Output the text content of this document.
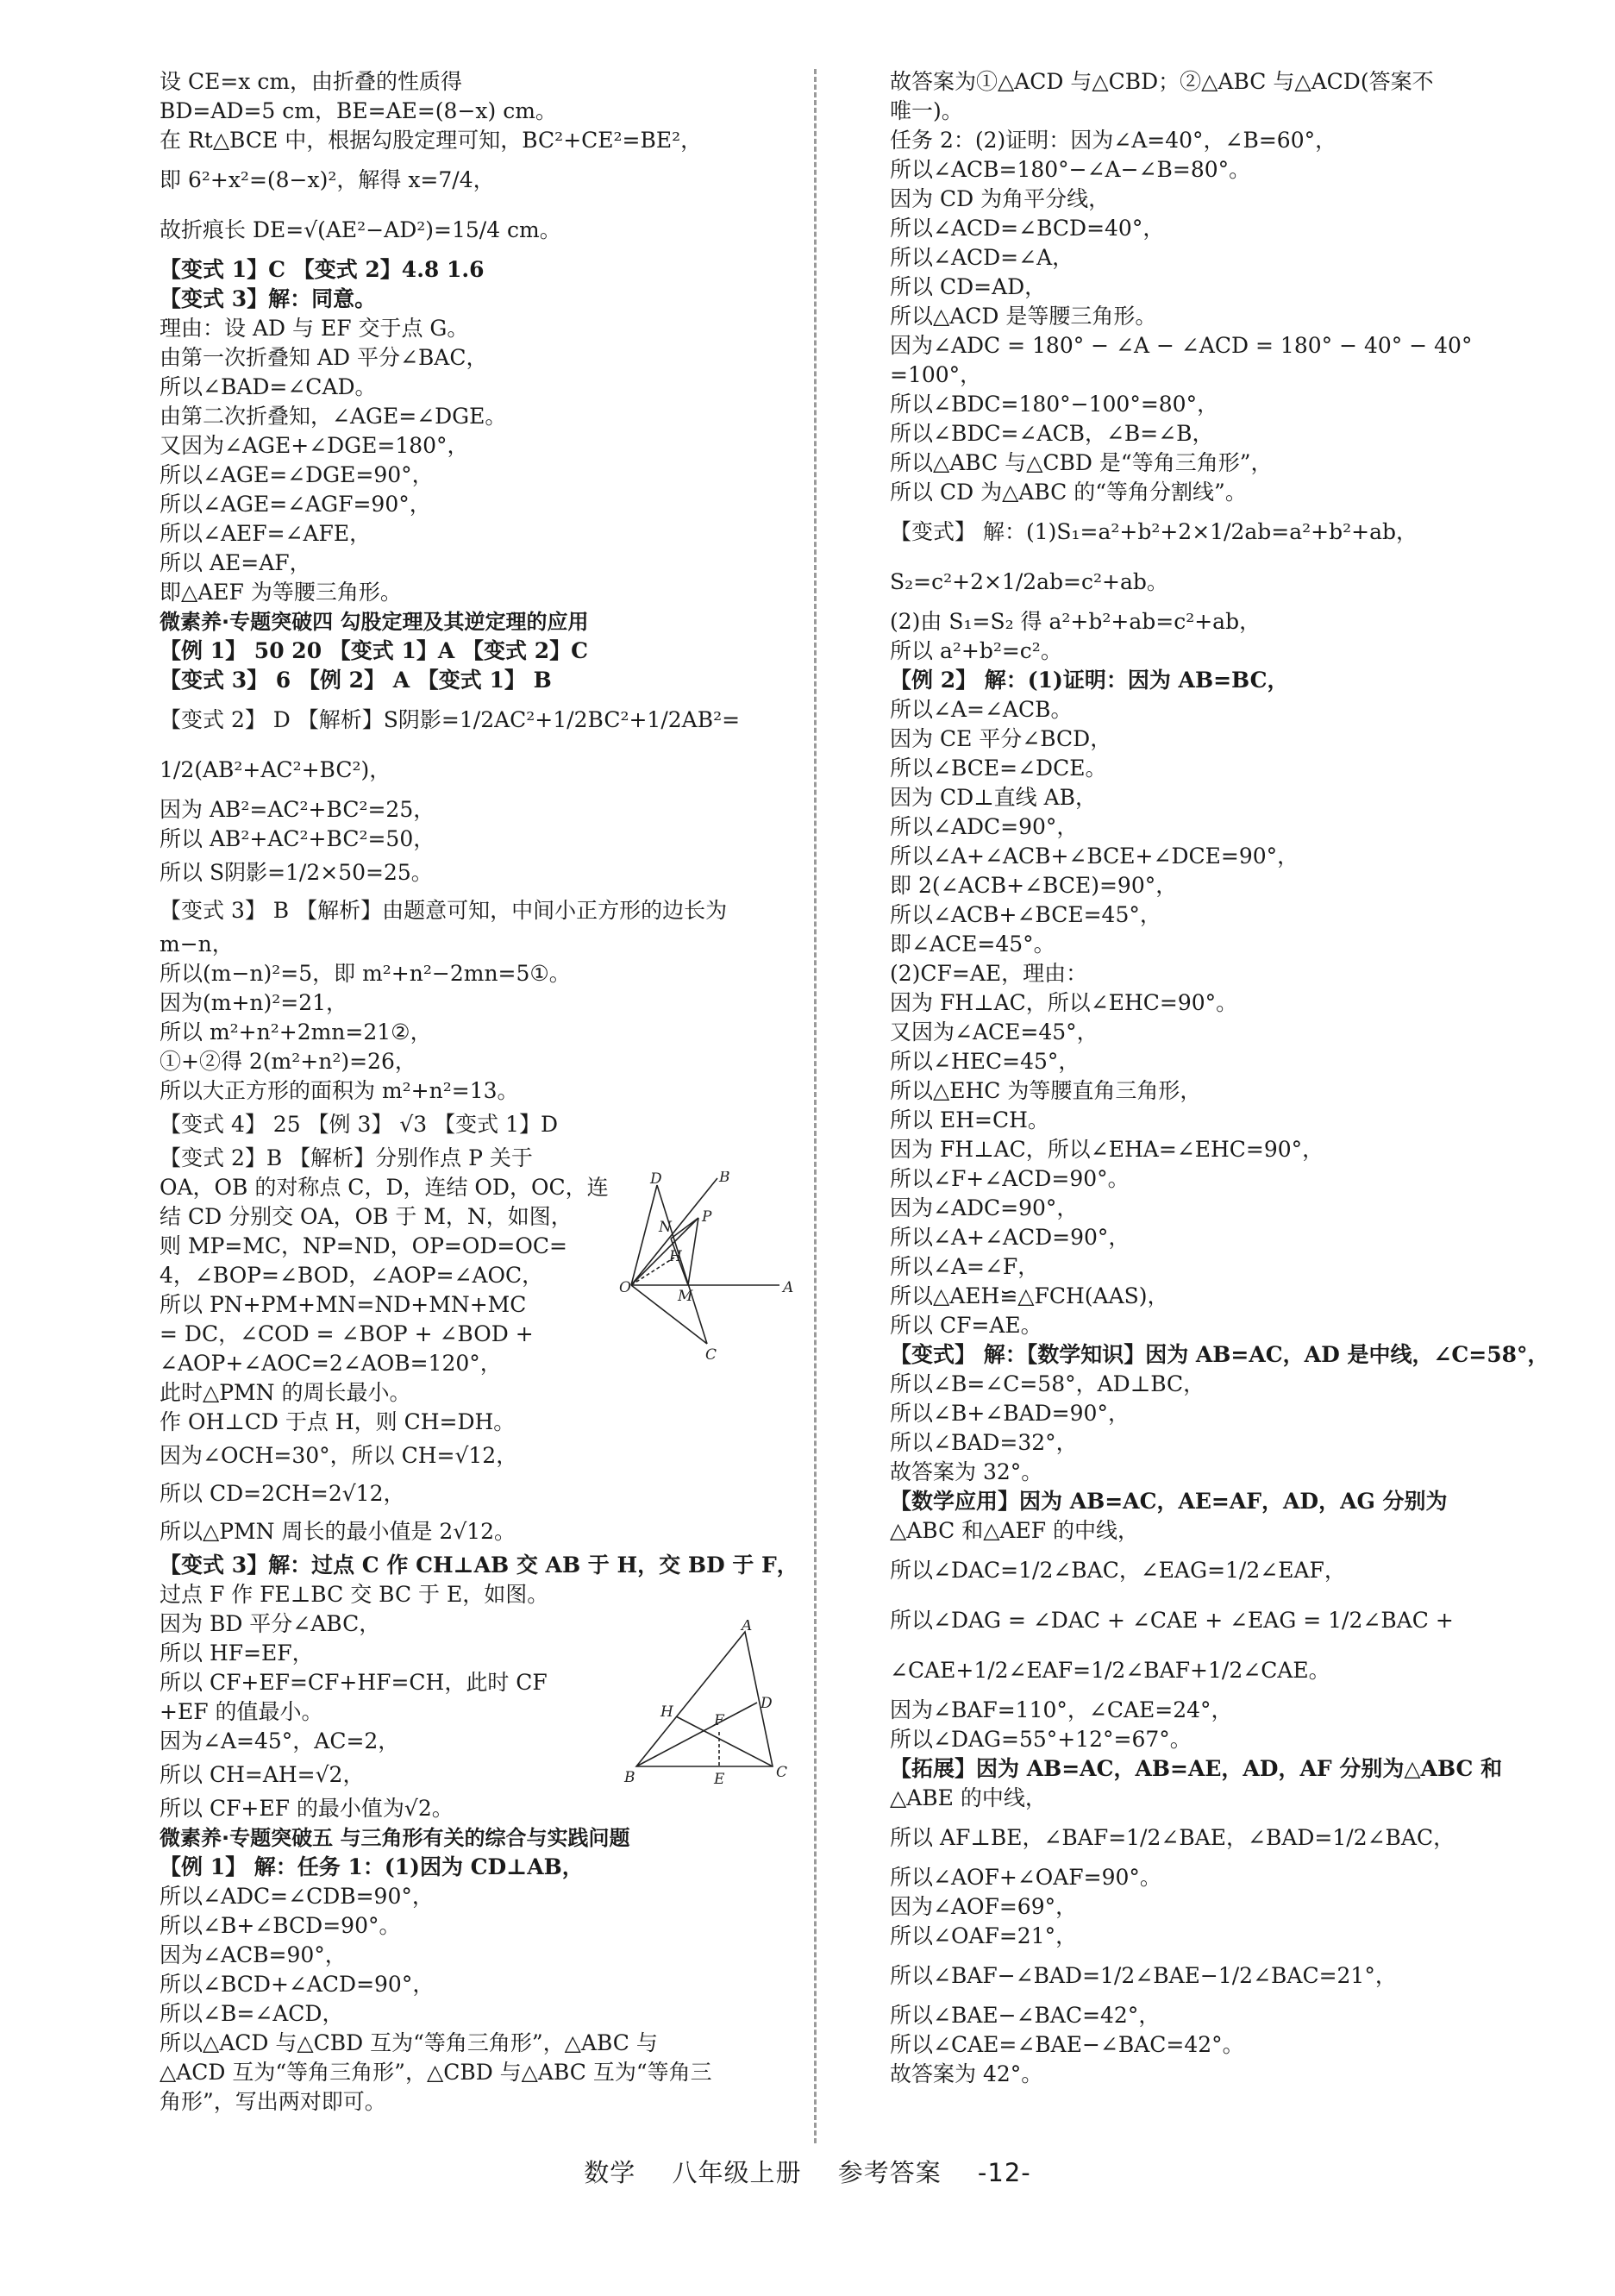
设 CE=x cm，由折叠的性质得
BD=AD=5 cm，BE=AE=(8−x) cm。
在 Rt△BCE 中，根据勾股定理可知，BC²+CE²=BE²，
即 6²+x²=(8−x)²，解得 x=7/4，
故折痕长 DE=√(AE²−AD²)=15/4 cm。
【变式 1】C 【变式 2】4.8 1.6
【变式 3】解：同意。
理由：设 AD 与 EF 交于点 G。
由第一次折叠知 AD 平分∠BAC，
所以∠BAD=∠CAD。
由第二次折叠知，∠AGE=∠DGE。
又因为∠AGE+∠DGE=180°，
所以∠AGE=∠DGE=90°，
所以∠AGE=∠AGF=90°，
所以∠AEF=∠AFE，
所以 AE=AF，
即△AEF 为等腰三角形。
微素养·专题突破四 勾股定理及其逆定理的应用
【例 1】 50 20 【变式 1】A 【变式 2】C
【变式 3】 6 【例 2】 A 【变式 1】 B
【变式 2】 D 【解析】S阴影=1/2AC²+1/2BC²+1/2AB²=
1/2(AB²+AC²+BC²)，
因为 AB²=AC²+BC²=25，
所以 AB²+AC²+BC²=50，
所以 S阴影=1/2×50=25。
【变式 3】 B 【解析】由题意可知，中间小正方形的边长为
m−n，
所以(m−n)²=5，即 m²+n²−2mn=5①。
因为(m+n)²=21，
所以 m²+n²+2mn=21②，
①+②得 2(m²+n²)=26，
所以大正方形的面积为 m²+n²=13。
【变式 4】 25 【例 3】 √3 【变式 1】D
【变式 2】B 【解析】分别作点 P 关于
OA，OB 的对称点 C，D，连结 OD，OC，连
结 CD 分别交 OA，OB 于 M，N，如图，
则 MP=MC，NP=ND，OP=OD=OC=
4，∠BOP=∠BOD，∠AOP=∠AOC，
所以 PN+PM+MN=ND+MN+MC
= DC，∠COD = ∠BOP + ∠BOD +
∠AOP+∠AOC=2∠AOB=120°，
此时△PMN 的周长最小。
作 OH⊥CD 于点 H，则 CH=DH。
因为∠OCH=30°，所以 CH=√12，
所以 CD=2CH=2√12，
所以△PMN 周长的最小值是 2√12。
【变式 3】解：过点 C 作 CH⊥AB 交 AB 于 H，交 BD 于 F，
过点 F 作 FE⊥BC 交 BC 于 E，如图。
因为 BD 平分∠ABC，
所以 HF=EF，
所以 CF+EF=CF+HF=CH，此时 CF
+EF 的值最小。
因为∠A=45°，AC=2，
所以 CH=AH=√2，
所以 CF+EF 的最小值为√2。
微素养·专题突破五 与三角形有关的综合与实践问题
【例 1】 解：任务 1：(1)因为 CD⊥AB，
所以∠ADC=∠CDB=90°，
所以∠B+∠BCD=90°。
因为∠ACB=90°，
所以∠BCD+∠ACD=90°，
所以∠B=∠ACD，
所以△ACD 与△CBD 互为“等角三角形”，△ABC 与
△ACD 互为“等角三角形”，△CBD 与△ABC 互为“等角三
角形”，写出两对即可。
故答案为①△ACD 与△CBD；②△ABC 与△ACD(答案不
唯一)。
任务 2：(2)证明：因为∠A=40°，∠B=60°，
所以∠ACB=180°−∠A−∠B=80°。
因为 CD 为角平分线，
所以∠ACD=∠BCD=40°，
所以∠ACD=∠A，
所以 CD=AD，
所以△ACD 是等腰三角形。
因为∠ADC = 180° − ∠A − ∠ACD = 180° − 40° − 40°
=100°，
所以∠BDC=180°−100°=80°，
所以∠BDC=∠ACB，∠B=∠B，
所以△ABC 与△CBD 是“等角三角形”，
所以 CD 为△ABC 的“等角分割线”。
【变式】 解：(1)S₁=a²+b²+2×1/2ab=a²+b²+ab，
S₂=c²+2×1/2ab=c²+ab。
(2)由 S₁=S₂ 得 a²+b²+ab=c²+ab，
所以 a²+b²=c²。
【例 2】 解：(1)证明：因为 AB=BC，
所以∠A=∠ACB。
因为 CE 平分∠BCD，
所以∠BCE=∠DCE。
因为 CD⊥直线 AB，
所以∠ADC=90°，
所以∠A+∠ACB+∠BCE+∠DCE=90°，
即 2(∠ACB+∠BCE)=90°，
所以∠ACB+∠BCE=45°，
即∠ACE=45°。
(2)CF=AE，理由：
因为 FH⊥AC，所以∠EHC=90°。
又因为∠ACE=45°，
所以∠HEC=45°，
所以△EHC 为等腰直角三角形，
所以 EH=CH。
因为 FH⊥AC，所以∠EHA=∠EHC=90°，
所以∠F+∠ACD=90°。
因为∠ADC=90°，
所以∠A+∠ACD=90°，
所以∠A=∠F，
所以△AEH≌△FCH(AAS)，
所以 CF=AE。
【变式】 解：【数学知识】因为 AB=AC，AD 是中线，∠C=58°，
所以∠B=∠C=58°，AD⊥BC，
所以∠B+∠BAD=90°，
所以∠BAD=32°，
故答案为 32°。
【数学应用】因为 AB=AC，AE=AF，AD，AG 分别为
△ABC 和△AEF 的中线，
所以∠DAC=1/2∠BAC，∠EAG=1/2∠EAF，
所以∠DAG = ∠DAC + ∠CAE + ∠EAG = 1/2∠BAC +
∠CAE+1/2∠EAF=1/2∠BAF+1/2∠CAE。
因为∠BAF=110°，∠CAE=24°，
所以∠DAG=55°+12°=67°。
【拓展】因为 AB=AC，AB=AE，AD，AF 分别为△ABC 和
△ABE 的中线，
所以 AF⊥BE，∠BAF=1/2∠BAE，∠BAD=1/2∠BAC，
所以∠AOF+∠OAF=90°。
因为∠AOF=69°，
所以∠OAF=21°，
所以∠BAF−∠BAD=1/2∠BAE−1/2∠BAC=21°，
所以∠BAE−∠BAC=42°，
所以∠CAE=∠BAE−∠BAC=42°。
故答案为 42°。
D	B
N
P
H
O	M	A
C
A
H	F
D
B	E	C
数学 八年级上册 参考答案 -12-
